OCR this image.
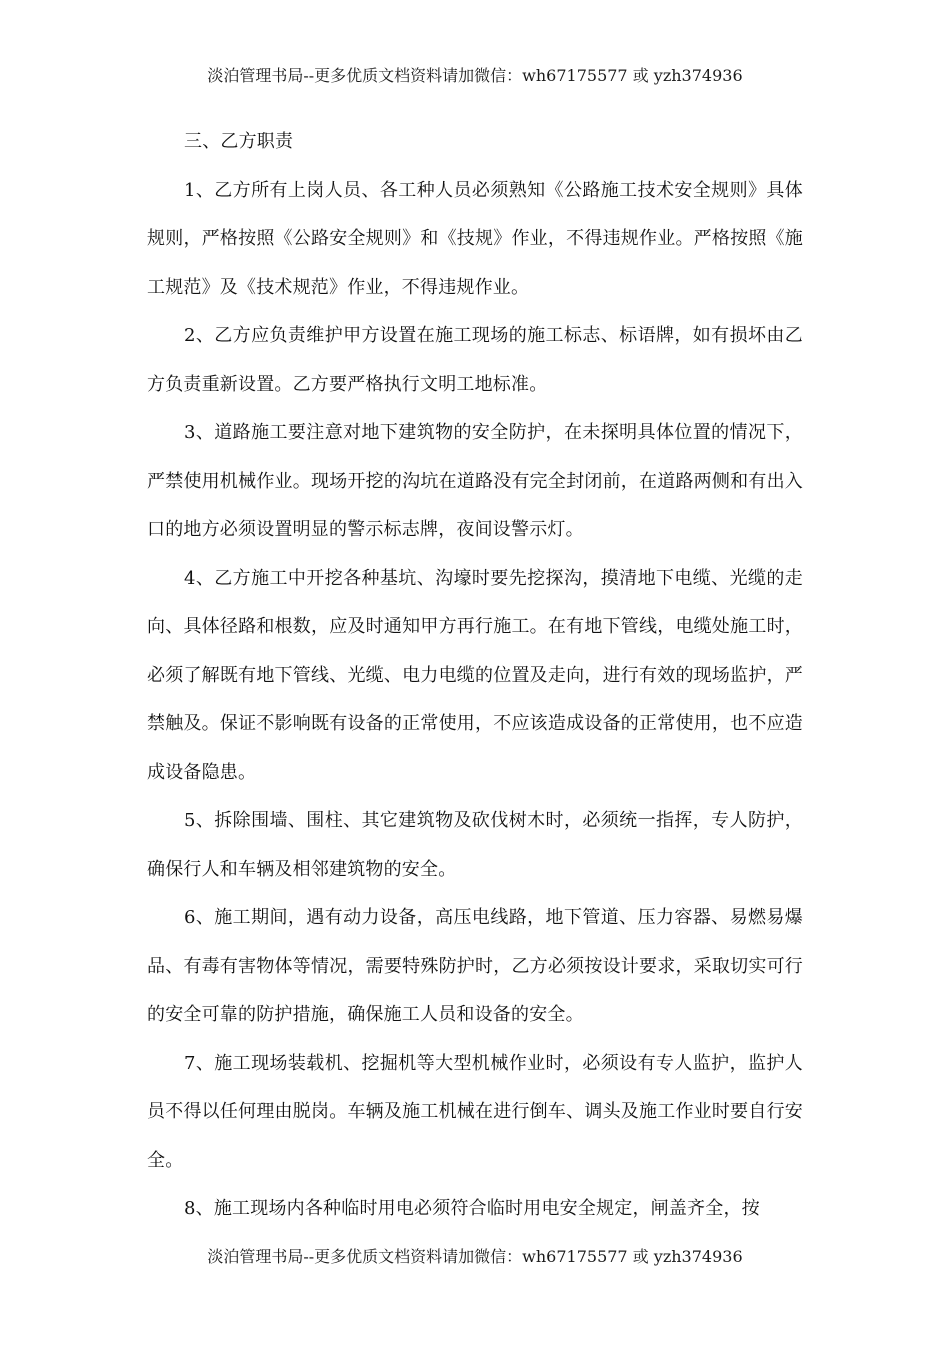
淡泊管理书局--更多优质文档资料请加微信：wh67175577 或 yzh374936

三、乙方职责

1、乙方所有上岗人员、各工种人员必须熟知《公路施工技术安全规则》具体规则，严格按照《公路安全规则》和《技规》作业，不得违规作业。严格按照《施工规范》及《技术规范》作业，不得违规作业。

2、乙方应负责维护甲方设置在施工现场的施工标志、标语牌，如有损坏由乙方负责重新设置。乙方要严格执行文明工地标准。

3、道路施工要注意对地下建筑物的安全防护，在未探明具体位置的情况下，严禁使用机械作业。现场开挖的沟坑在道路没有完全封闭前，在道路两侧和有出入口的地方必须设置明显的警示标志牌，夜间设警示灯。

4、乙方施工中开挖各种基坑、沟壕时要先挖探沟，摸清地下电缆、光缆的走向、具体径路和根数，应及时通知甲方再行施工。在有地下管线，电缆处施工时，必须了解既有地下管线、光缆、电力电缆的位置及走向，进行有效的现场监护，严禁触及。保证不影响既有设备的正常使用，不应该造成设备的正常使用，也不应造成设备隐患。

5、拆除围墙、围柱、其它建筑物及砍伐树木时，必须统一指挥，专人防护，确保行人和车辆及相邻建筑物的安全。

6、施工期间，遇有动力设备，高压电线路，地下管道、压力容器、易燃易爆品、有毒有害物体等情况，需要特殊防护时，乙方必须按设计要求，采取切实可行的安全可靠的防护措施，确保施工人员和设备的安全。

7、施工现场装载机、挖掘机等大型机械作业时，必须设有专人监护，监护人员不得以任何理由脱岗。车辆及施工机械在进行倒车、调头及施工作业时要自行安全。

8、施工现场内各种临时用电必须符合临时用电安全规定，闸盖齐全，按

淡泊管理书局--更多优质文档资料请加微信：wh67175577 或 yzh374936
